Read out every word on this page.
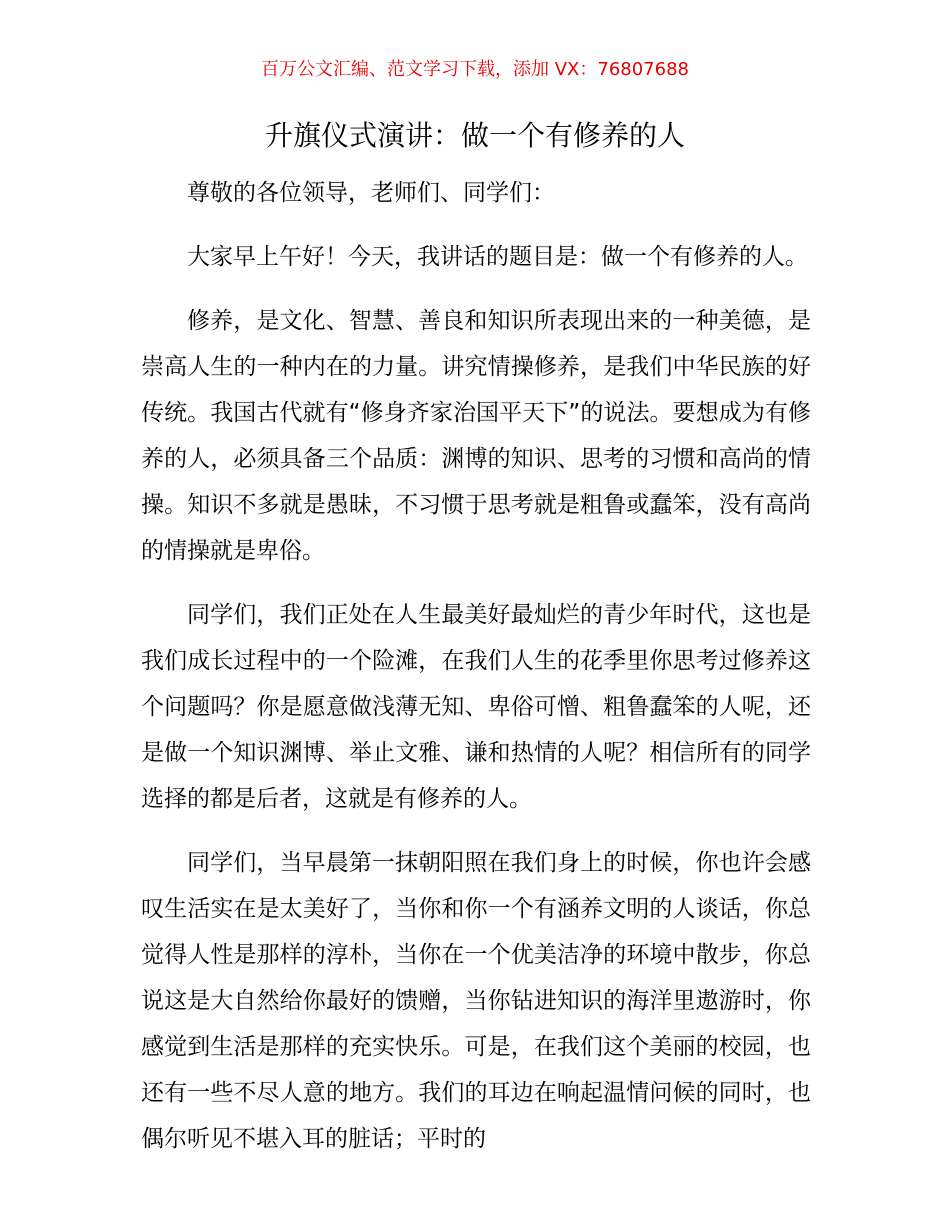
百万公文汇编、范文学习下载，添加 VX：76807688
升旗仪式演讲：做一个有修养的人

尊敬的各位领导，老师们、同学们：

大家早上午好！今天，我讲话的题目是：做一个有修养的人。

修养，是文化、智慧、善良和知识所表现出来的一种美德，是崇高人生的一种内在的力量。讲究情操修养，是我们中华民族的好传统。我国古代就有“修身齐家治国平天下”的说法。要想成为有修养的人，必须具备三个品质：渊博的知识、思考的习惯和高尚的情操。知识不多就是愚昧，不习惯于思考就是粗鲁或蠢笨，没有高尚的情操就是卑俗。

同学们，我们正处在人生最美好最灿烂的青少年时代，这也是我们成长过程中的一个险滩，在我们人生的花季里你思考过修养这个问题吗？你是愿意做浅薄无知、卑俗可憎、粗鲁蠢笨的人呢，还是做一个知识渊博、举止文雅、谦和热情的人呢？相信所有的同学选择的都是后者，这就是有修养的人。

同学们，当早晨第一抹朝阳照在我们身上的时候，你也许会感叹生活实在是太美好了，当你和你一个有涵养文明的人谈话，你总觉得人性是那样的淳朴，当你在一个优美洁净的环境中散步，你总说这是大自然给你最好的馈赠，当你钻进知识的海洋里遨游时，你感觉到生活是那样的充实快乐。可是，在我们这个美丽的校园，也还有一些不尽人意的地方。我们的耳边在响起温情问候的同时，也偶尔听见不堪入耳的脏话；平时的
